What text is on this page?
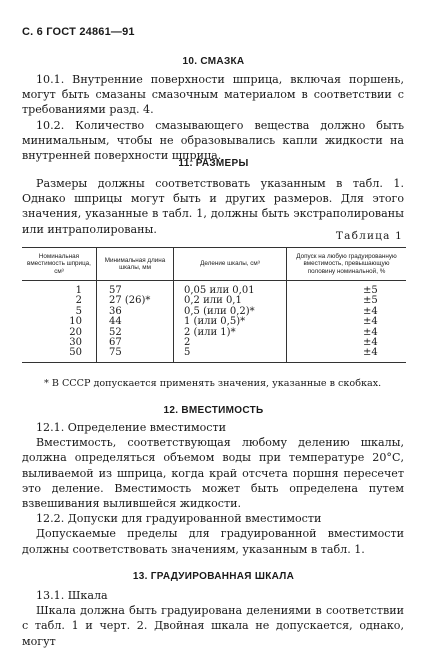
С. 6 ГОСТ 24861—91
10. СМАЗКА

10.1. Внутренние поверхности шприца, включая поршень, могут быть смазаны смазочным материалом в соответствии с требованиями разд. 4.

10.2. Количество смазывающего вещества должно быть минимальным, чтобы не образовывались капли жидкости на внутренней поверхности шприца.

11. РАЗМЕРЫ

Размеры должны соответствовать указанным в табл. 1. Однако шприцы могут быть и других размеров. Для этого значения, указанные в табл. 1, должны быть экстраполированы или интраполированы.

Таблица 1
Номинальная вместимость шприца, см³	Минимальная длина шкалы, мм	Деление шкалы, см³	Допуск на любую градуированную вместимость, превышающую половину номинальной, %
1	57	0,05 или 0,01	±5
2	27 (26)*	0,2 или 0,1	±5
5	36	0,5 (или 0,2)*	±4
10	44	1 (или 0,5)*	±4
20	52	2 (или 1)*	±4
30	67	2	±4
50	75	5	±4
* В СССР допускается применять значения, указанные в скобках.
12. ВМЕСТИМОСТЬ

12.1. Определение вместимости

Вместимость, соответствующая любому делению шкалы, должна определяться объемом воды при температуре 20°С, выливаемой из шприца, когда край отсчета поршня пересечет это деление. Вместимость может быть определена путем взвешивания вылившейся жидкости.

12.2. Допуски для градуированной вместимости

Допускаемые пределы для градуированной вместимости должны соответствовать значениям, указанным в табл. 1.

13. ГРАДУИРОВАННАЯ ШКАЛА

13.1. Шкала

Шкала должна быть градуирована делениями в соответствии с табл. 1 и черт. 2. Двойная шкала не допускается, однако, могут
